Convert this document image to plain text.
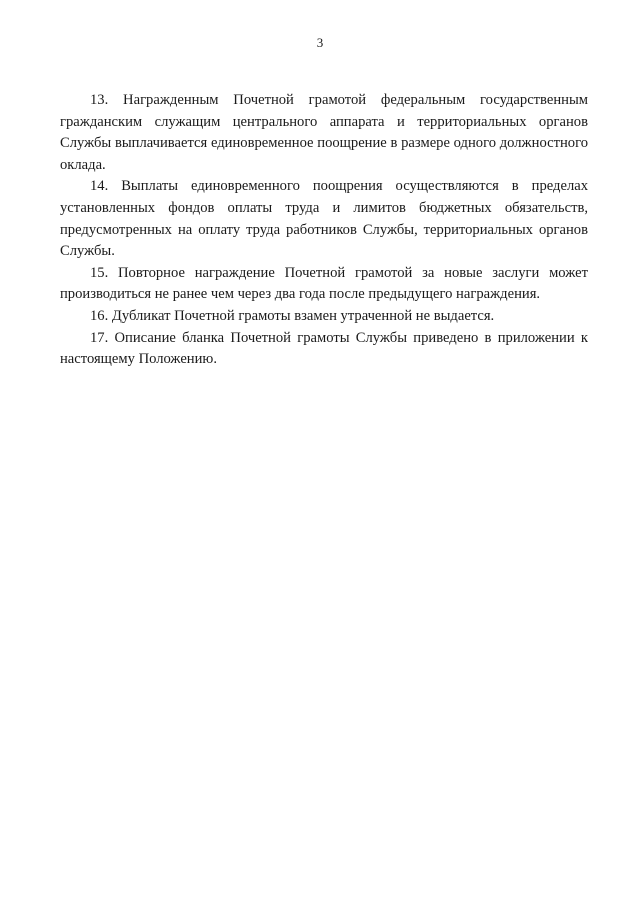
3

13. Награжденным Почетной грамотой федеральным государственным гражданским служащим центрального аппарата и территориальных органов Службы выплачивается единовременное поощрение в размере одного должностного оклада.

14. Выплаты единовременного поощрения осуществляются в пределах установленных фондов оплаты труда и лимитов бюджетных обязательств, предусмотренных на оплату труда работников Службы, территориальных органов Службы.

15. Повторное награждение Почетной грамотой за новые заслуги может производиться не ранее чем через два года после предыдущего награждения.

16. Дубликат Почетной грамоты взамен утраченной не выдается.

17. Описание бланка Почетной грамоты Службы приведено в приложении к настоящему Положению.
